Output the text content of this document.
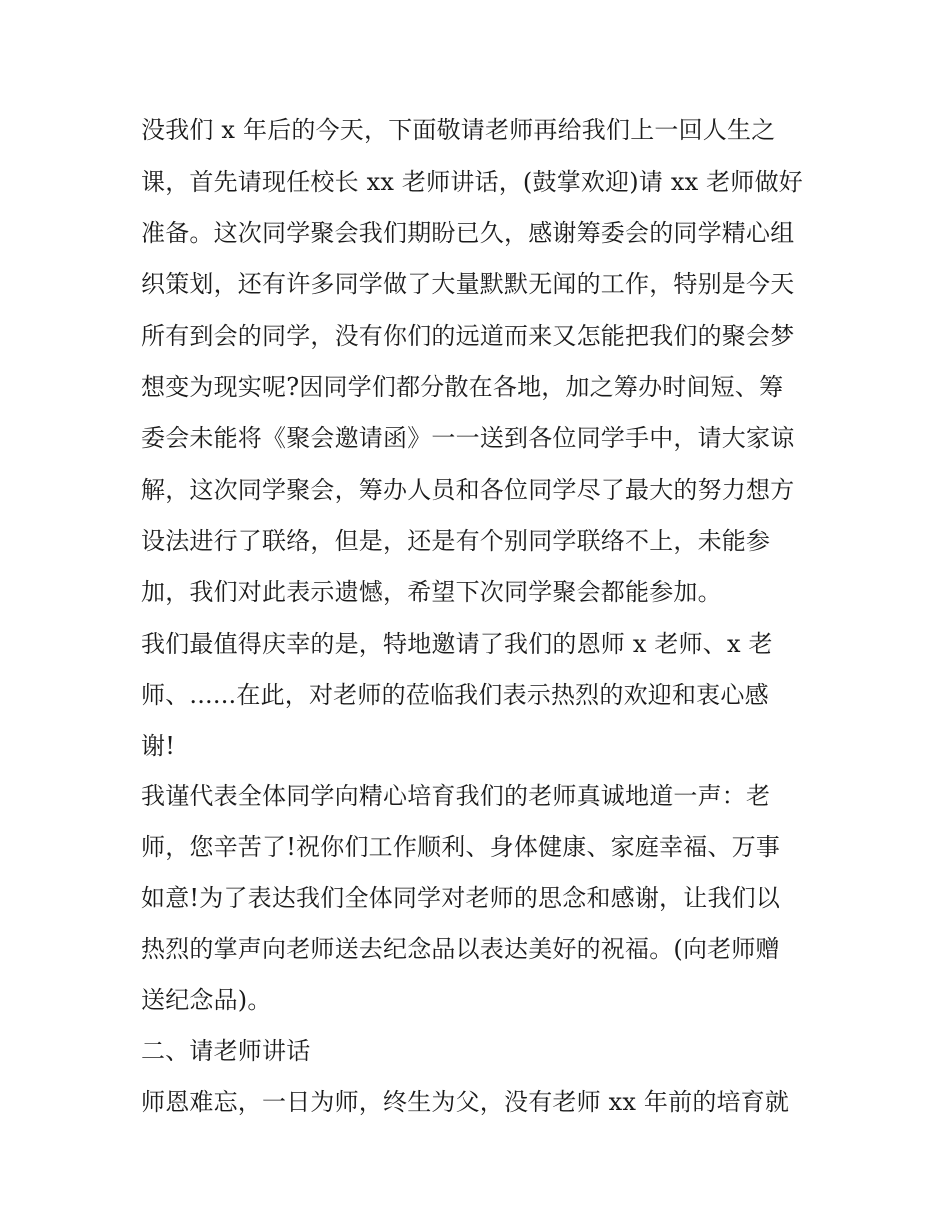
没我们 x 年后的今天，下面敬请老师再给我们上一回人生之
课，首先请现任校长 xx 老师讲话，(鼓掌欢迎)请 xx 老师做好
准备。这次同学聚会我们期盼已久，感谢筹委会的同学精心组
织策划，还有许多同学做了大量默默无闻的工作，特别是今天
所有到会的同学，没有你们的远道而来又怎能把我们的聚会梦
想变为现实呢?因同学们都分散在各地，加之筹办时间短、筹
委会未能将《聚会邀请函》一一送到各位同学手中，请大家谅
解，这次同学聚会，筹办人员和各位同学尽了最大的努力想方
设法进行了联络，但是，还是有个别同学联络不上，未能参
加，我们对此表示遗憾，希望下次同学聚会都能参加。
我们最值得庆幸的是，特地邀请了我们的恩师 x 老师、x 老
师、......在此，对老师的莅临我们表示热烈的欢迎和衷心感
谢!
我谨代表全体同学向精心培育我们的老师真诚地道一声：老
师，您辛苦了!祝你们工作顺利、身体健康、家庭幸福、万事
如意!为了表达我们全体同学对老师的思念和感谢，让我们以
热烈的掌声向老师送去纪念品以表达美好的祝福。(向老师赠
送纪念品)。
二、请老师讲话
师恩难忘，一日为师，终生为父，没有老师 xx 年前的培育就
